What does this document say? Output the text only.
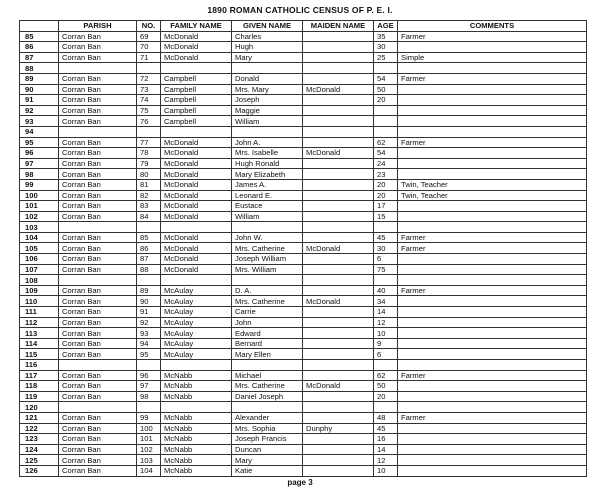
1890 ROMAN CATHOLIC CENSUS OF P. E. I.
	PARISH	NO.	FAMILY NAME	GIVEN NAME	MAIDEN NAME	AGE	COMMENTS
85	Corran Ban	69	McDonald	Charles		35	Farmer
86	Corran Ban	70	McDonald	Hugh		30	
87	Corran Ban	71	McDonald	Mary		25	Simple
88							
89	Corran Ban	72	Campbell	Donald		54	Farmer
90	Corran Ban	73	Campbell	Mrs. Mary	McDonald	50	
91	Corran Ban	74	Campbell	Joseph		20	
92	Corran Ban	75	Campbell	Maggie			
93	Corran Ban	76	Campbell	William			
94							
95	Corran Ban	77	McDonald	John A.		62	Farmer
96	Corran Ban	78	McDonald	Mrs. Isabelle	McDonald	54	
97	Corran Ban	79	McDonald	Hugh Ronald		24	
98	Corran Ban	80	McDonald	Mary Elizabeth		23	
99	Corran Ban	81	McDonald	James A.		20	Twin, Teacher
100	Corran Ban	82	McDonald	Leonard E.		20	Twin, Teacher
101	Corran Ban	83	McDonald	Eustace		17	
102	Corran Ban	84	McDonald	William		15	
103							
104	Corran Ban	85	McDonald	John W.		45	Farmer
105	Corran Ban	86	McDonald	Mrs. Catherine	McDonald	30	Farmer
106	Corran Ban	87	McDonald	Joseph William		6	
107	Corran Ban	88	McDonald	Mrs. William		75	
108							
109	Corran Ban	89	McAulay	D. A.		40	Farmer
110	Corran Ban	90	McAulay	Mrs. Catherine	McDonald	34	
111	Corran Ban	91	McAulay	Carrie		14	
112	Corran Ban	92	McAulay	John		12	
113	Corran Ban	93	McAulay	Edward		10	
114	Corran Ban	94	McAulay	Bernard		9	
115	Corran Ban	95	McAulay	Mary Ellen		6	
116							
117	Corran Ban	96	McNabb	Michael		62	Farmer
118	Corran Ban	97	McNabb	Mrs. Catherine	McDonald	50	
119	Corran Ban	98	McNabb	Daniel Joseph		20	
120							
121	Corran Ban	99	McNabb	Alexander		48	Farmer
122	Corran Ban	100	McNabb	Mrs. Sophia	Dunphy	45	
123	Corran Ban	101	McNabb	Joseph Francis		16	
124	Corran Ban	102	McNabb	Duncan		14	
125	Corran Ban	103	McNabb	Mary		12	
126	Corran Ban	104	McNabb	Katie		10	
page 3
